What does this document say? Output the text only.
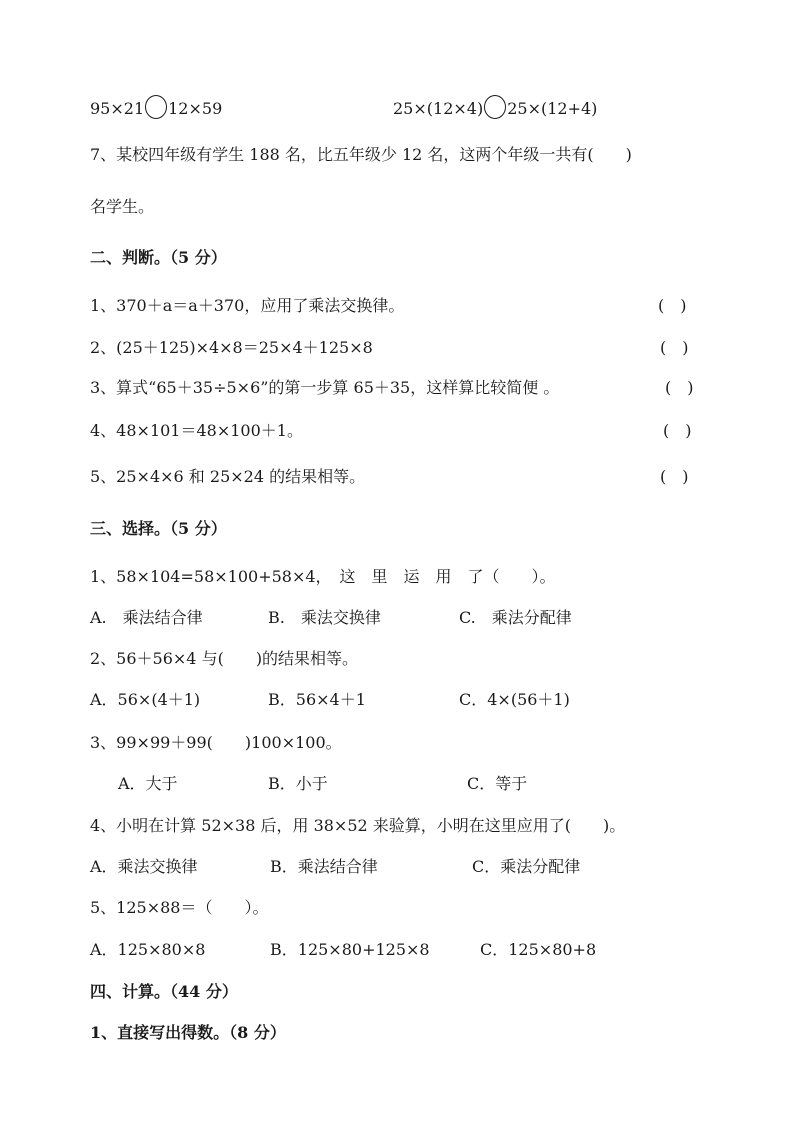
95×21 12×59	25×(12×4) 25×(12+4)
7、某校四年级有学生 188 名，比五年级少 12 名，这两个年级一共有(　　)
名学生。
二、判断。（5 分）
1、370＋a＝a＋370，应用了乘法交换律。	(　)
2、(25＋125)×4×8＝25×4＋125×8	(　)
3、算式“65＋35÷5×6”的第一步算 65＋35，这样算比较简便 。	(　)
4、48×101＝48×100＋1。	(　)
5、25×4×6 和 25×24 的结果相等。	(　)
三、选择。（5 分）
1、58×104=58×100+58×4，　这　里　运　用　了（　　）。
A.　乘法结合律	B.　乘法交换律	C.　乘法分配律
2、56＋56×4 与(　　)的结果相等。
A．56×(4＋1)	B．56×4＋1	C．4×(56＋1)
3、99×99＋99(　　)100×100。
A．大于	B．小于	C．等于
4、小明在计算 52×38 后，用 38×52 来验算，小明在这里应用了(　　)。
A．乘法交换律	B．乘法结合律	C．乘法分配律
5、125×88＝（　　）。
A．125×80×8	B．125×80+125×8	C．125×80+8
四、计算。（44 分）
1、直接写出得数。（8 分）
